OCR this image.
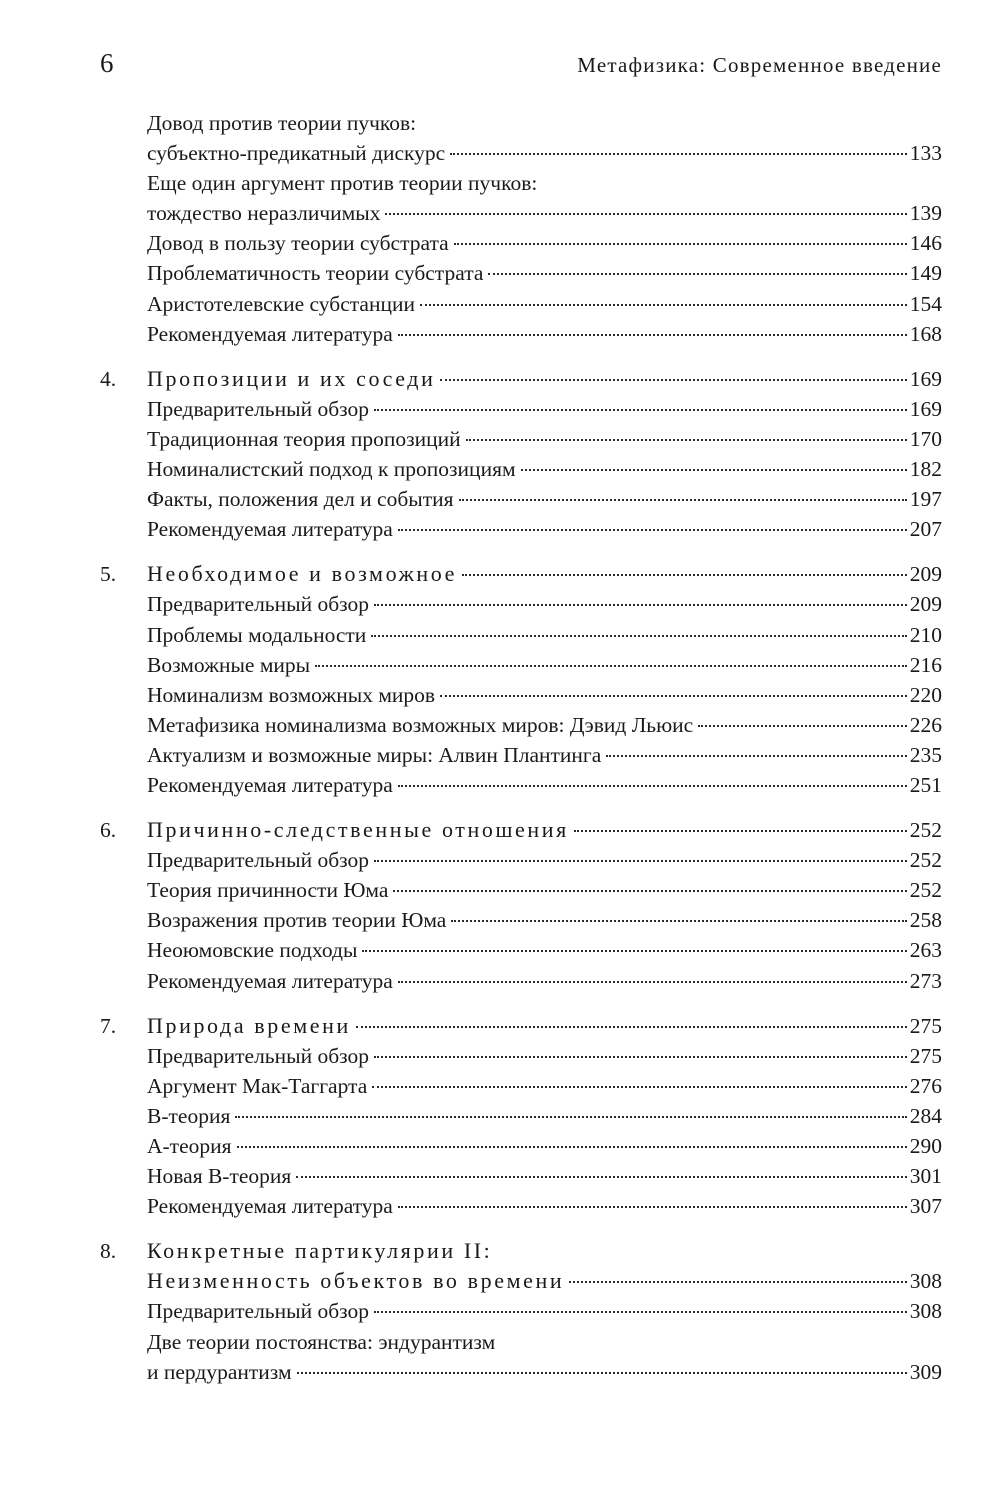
6	Метафизика: Современное введение
Довод против теории пучков:
субъектно-предикатный дискурс	133
Еще один аргумент против теории пучков:
тождество неразличимых	139
Довод в пользу теории субстрата	146
Проблематичность теории субстрата	149
Аристотелевские субстанции	154
Рекомендуемая литература	168
4.	Пропозиции и их соседи	169
Предварительный обзор	169
Традиционная теория пропозиций	170
Номиналистский подход к пропозициям	182
Факты, положения дел и события	197
Рекомендуемая литература	207
5.	Необходимое и возможное	209
Предварительный обзор	209
Проблемы модальности	210
Возможные миры	216
Номинализм возможных миров	220
Метафизика номинализма возможных миров: Дэвид Льюис	226
Актуализм и возможные миры: Алвин Плантинга	235
Рекомендуемая литература	251
6.	Причинно-следственные отношения	252
Предварительный обзор	252
Теория причинности Юма	252
Возражения против теории Юма	258
Неоюмовские подходы	263
Рекомендуемая литература	273
7.	Природа времени	275
Предварительный обзор	275
Аргумент Мак-Таггарта	276
В-теория	284
А-теория	290
Новая В-теория	301
Рекомендуемая литература	307
8.	Конкретные партикулярии II:
Неизменность объектов во времени	308
Предварительный обзор	308
Две теории постоянства: эндурантизм
и пердурантизм	309
